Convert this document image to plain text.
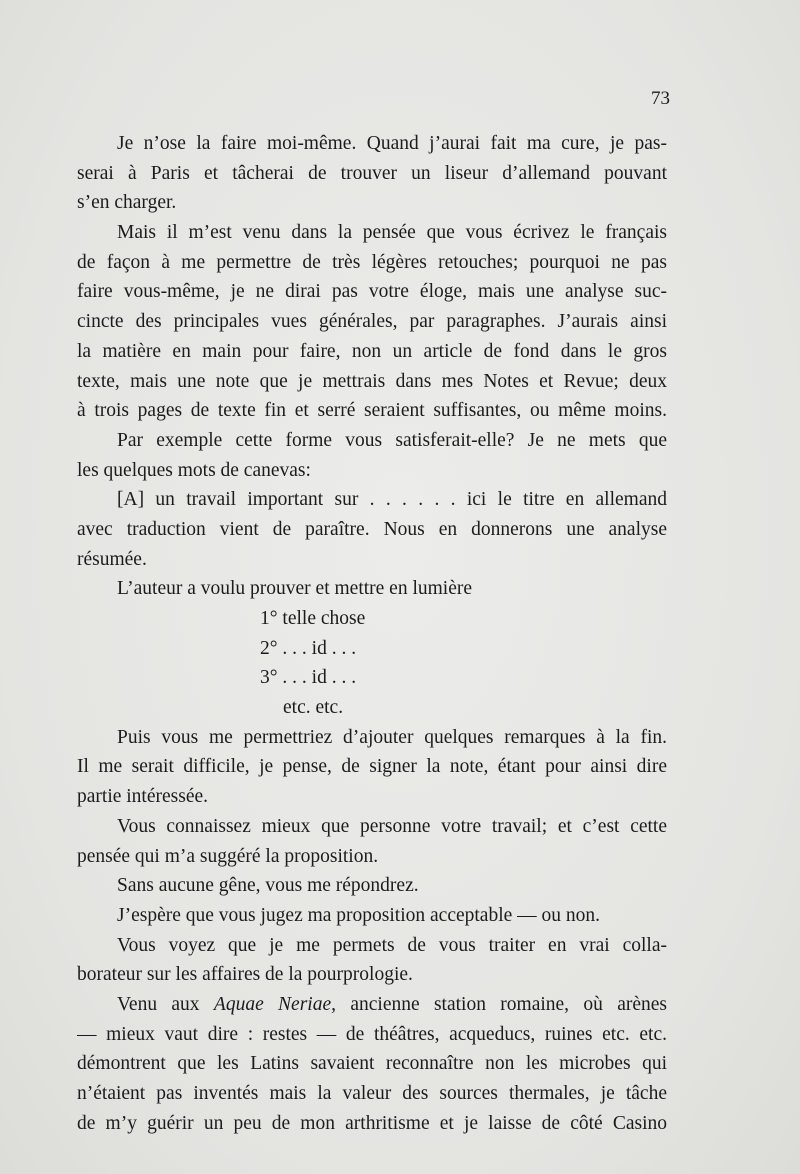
73
Je n’ose la faire moi-même. Quand j’aurai fait ma cure, je pas-
serai à Paris et tâcherai de trouver un liseur d’allemand pouvant
s’en charger.
Mais il m’est venu dans la pensée que vous écrivez le français
de façon à me permettre de très légères retouches; pourquoi ne pas
faire vous-même, je ne dirai pas votre éloge, mais une analyse suc-
cincte des principales vues générales, par paragraphes. J’aurais ainsi
la matière en main pour faire, non un article de fond dans le gros
texte, mais une note que je mettrais dans mes Notes et Revue; deux
à trois pages de texte fin et serré seraient suffisantes, ou même moins.
Par exemple cette forme vous satisferait-elle? Je ne mets que
les quelques mots de canevas:
[A] un travail important sur . . . . . . ici le titre en allemand
avec traduction vient de paraître. Nous en donnerons une analyse
résumée.
L’auteur a voulu prouver et mettre en lumière
1° telle chose
2° . . . id . . .
3° . . . id . . .
etc. etc.
Puis vous me permettriez d’ajouter quelques remarques à la fin.
Il me serait difficile, je pense, de signer la note, étant pour ainsi dire
partie intéressée.
Vous connaissez mieux que personne votre travail; et c’est cette
pensée qui m’a suggéré la proposition.
Sans aucune gêne, vous me répondrez.
J’espère que vous jugez ma proposition acceptable — ou non.
Vous voyez que je me permets de vous traiter en vrai colla-
borateur sur les affaires de la pourprologie.
Venu aux Aquae Neriae, ancienne station romaine, où arènes
— mieux vaut dire : restes — de théâtres, acqueducs, ruines etc. etc.
démontrent que les Latins savaient reconnaître non les microbes qui
n’étaient pas inventés mais la valeur des sources thermales, je tâche
de m’y guérir un peu de mon arthritisme et je laisse de côté Casino
